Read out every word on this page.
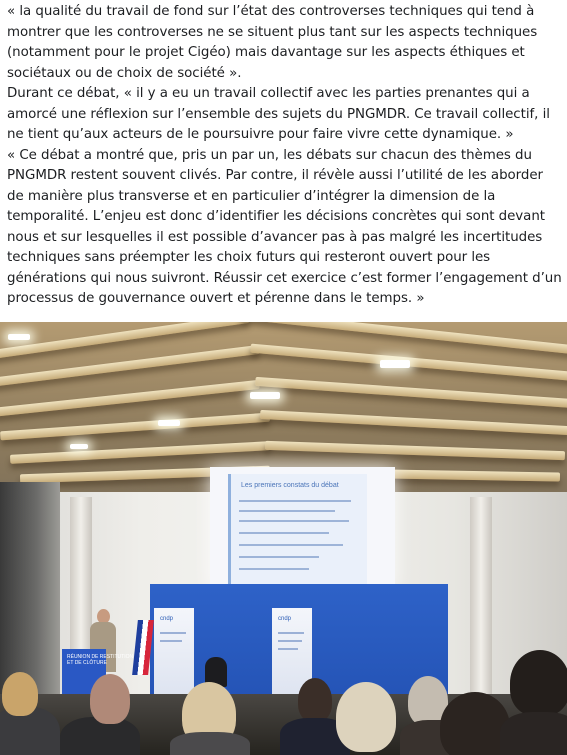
« la qualité du travail de fond sur l’état des controverses techniques qui tend à montrer que les controverses ne se situent plus tant sur les aspects techniques (notamment pour le projet Cigéo) mais davantage sur les aspects éthiques et sociétaux ou de choix de société ».

Durant ce débat, « il y a eu un travail collectif avec les parties prenantes qui a amorcé une réflexion sur l’ensemble des sujets du PNGMDR. Ce travail collectif, il ne tient qu’aux acteurs de le poursuivre pour faire vivre cette dynamique. »

« Ce débat a montré que, pris un par un, les débats sur chacun des thèmes du PNGMDR restent souvent clivés. Par contre, il révèle aussi l’utilité de les aborder de manière plus transverse et en particulier d’intégrer la dimension de la temporalité. L’enjeu est donc d’identifier les décisions concrètes qui sont devant nous et sur lesquelles il est possible d’avancer pas à pas malgré les incertitudes techniques sans préempter les choix futurs qui resteront ouvert pour les générations qui nous suivront. Réussir cet exercice c’est former l’engagement d’un processus de gouvernance ouvert et pérenne dans le temps. »

Les premiers constats du débat
cndp	cndp
RÉUNION DE RESTITUTION
ET DE CLÔTURE
